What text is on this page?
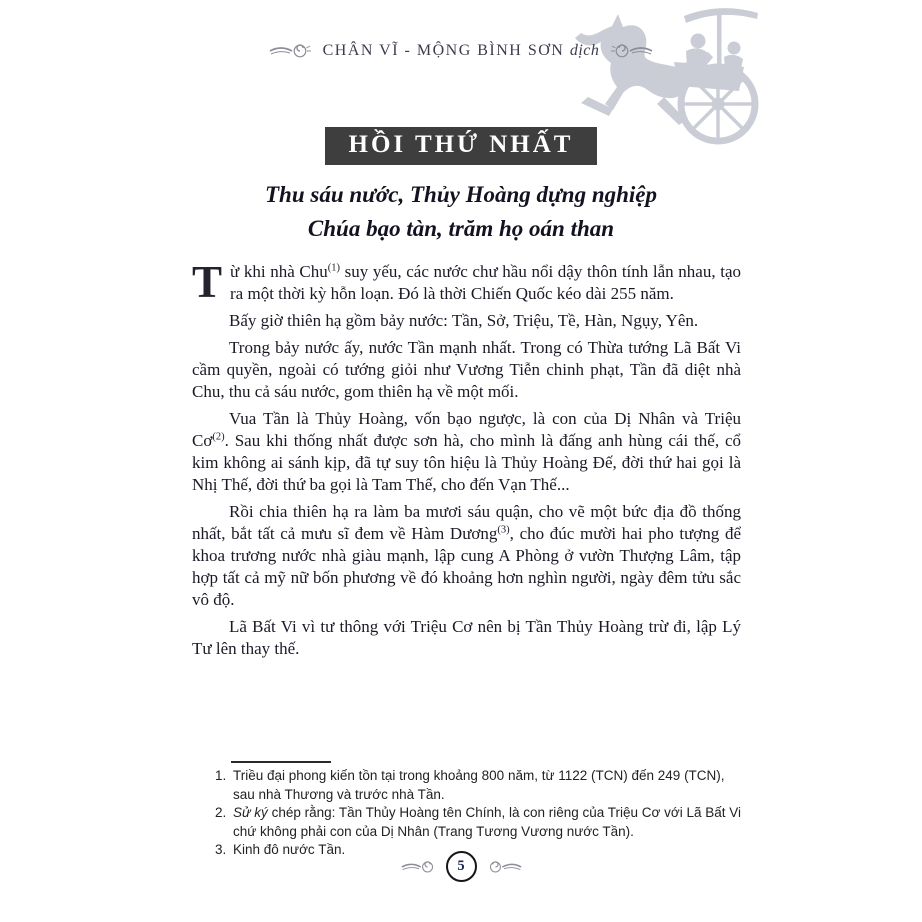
CHÂN VĨ - MỘNG BÌNH SƠN dịch
HỒI THỨ NHẤT
Thu sáu nước, Thủy Hoàng dựng nghiệp
Chúa bạo tàn, trăm họ oán than

Từ khi nhà Chu$^{(1)}$ suy yếu, các nước chư hầu nổi dậy thôn tính lẫn nhau, tạo ra một thời kỳ hỗn loạn. Đó là thời Chiến Quốc kéo dài 255 năm.

Bấy giờ thiên hạ gồm bảy nước: Tần, Sở, Triệu, Tề, Hàn, Ngụy, Yên.

Trong bảy nước ấy, nước Tần mạnh nhất. Trong có Thừa tướng Lã Bất Vi cầm quyền, ngoài có tướng giỏi như Vương Tiễn chinh phạt, Tần đã diệt nhà Chu, thu cả sáu nước, gom thiên hạ về một mối.

Vua Tần là Thủy Hoàng, vốn bạo ngược, là con của Dị Nhân và Triệu Cơ$^{(2)}$. Sau khi thống nhất được sơn hà, cho mình là đấng anh hùng cái thế, cổ kim không ai sánh kịp, đã tự suy tôn hiệu là Thủy Hoàng Đế, đời thứ hai gọi là Nhị Thế, đời thứ ba gọi là Tam Thế, cho đến Vạn Thế...

Rồi chia thiên hạ ra làm ba mươi sáu quận, cho vẽ một bức địa đồ thống nhất, bắt tất cả mưu sĩ đem về Hàm Dương$^{(3)}$, cho đúc mười hai pho tượng để khoa trương nước nhà giàu mạnh, lập cung A Phòng ở vườn Thượng Lâm, tập hợp tất cả mỹ nữ bốn phương về đó khoảng hơn nghìn người, ngày đêm tửu sắc vô độ.

Lã Bất Vi vì tư thông với Triệu Cơ nên bị Tần Thủy Hoàng trừ đi, lập Lý Tư lên thay thế.

1. Triều đại phong kiến tồn tại trong khoảng 800 năm, từ 1122 (TCN) đến 249 (TCN), sau nhà Thương và trước nhà Tần.
2. Sử ký chép rằng: Tần Thủy Hoàng tên Chính, là con riêng của Triệu Cơ với Lã Bất Vi chứ không phải con của Dị Nhân (Trang Tương Vương nước Tần).
3. Kinh đô nước Tần.
5
